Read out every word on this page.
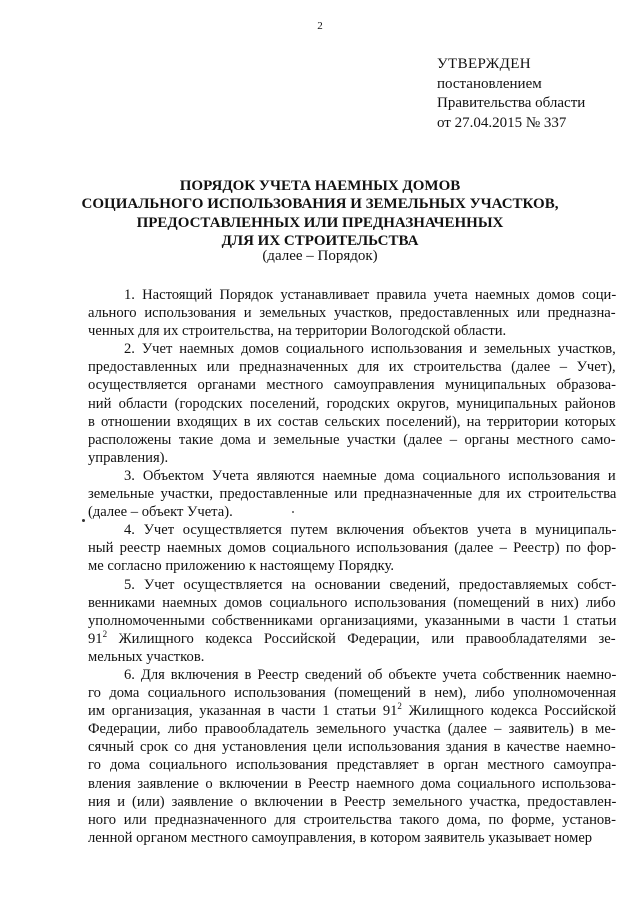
2
УТВЕРЖДЕН
постановлением
Правительства области
от 27.04.2015 № 337
ПОРЯДОК УЧЕТА НАЕМНЫХ ДОМОВ
СОЦИАЛЬНОГО ИСПОЛЬЗОВАНИЯ И ЗЕМЕЛЬНЫХ УЧАСТКОВ,
ПРЕДОСТАВЛЕННЫХ ИЛИ ПРЕДНАЗНАЧЕННЫХ
ДЛЯ ИХ СТРОИТЕЛЬСТВА
(далее – Порядок)
1. Настоящий Порядок устанавливает правила учета наемных домов соци-
ального использования и земельных участков, предоставленных или предназна-
ченных для их строительства, на территории Вологодской области.
2. Учет наемных домов социального использования и земельных участков,
предоставленных или предназначенных для их строительства (далее – Учет),
осуществляется органами местного самоуправления муниципальных образова-
ний области (городских поселений, городских округов, муниципальных районов
в отношении входящих в их состав сельских поселений), на территории которых
расположены такие дома и земельные участки (далее – органы местного само-
управления).
3. Объектом Учета являются наемные дома социального использования и
земельные участки, предоставленные или предназначенные для их строительства
(далее – объект Учета).
4. Учет осуществляется путем включения объектов учета в муниципаль-
ный реестр наемных домов социального использования (далее – Реестр) по фор-
ме согласно приложению к настоящему Порядку.
5. Учет осуществляется на основании сведений, предоставляемых собст-
венниками наемных домов социального использования (помещений в них) либо
уполномоченными собственниками организациями, указанными в части 1 статьи
$91^2$ Жилищного кодекса Российской Федерации, или правообладателями зе-
мельных участков.
6. Для включения в Реестр сведений об объекте учета собственник наемно-
го дома социального использования (помещений в нем), либо уполномоченная
им организация, указанная в части 1 статьи $91^2$ Жилищного кодекса Российской
Федерации, либо правообладатель земельного участка (далее – заявитель) в ме-
сячный срок со дня установления цели использования здания в качестве наемно-
го дома социального использования представляет в орган местного самоупра-
вления заявление о включении в Реестр наемного дома социального использова-
ния и (или) заявление о включении в Реестр земельного участка, предоставлен-
ного или предназначенного для строительства такого дома, по форме, установ-
ленной органом местного самоуправления, в котором заявитель указывает номер
